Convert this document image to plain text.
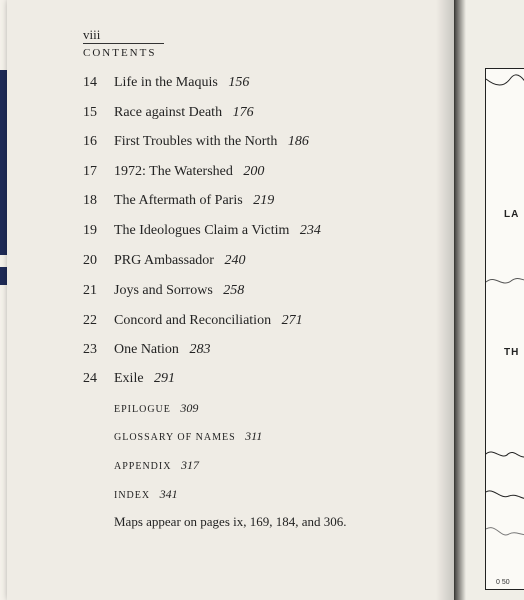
viii
CONTENTS
14	Life in the Maquis 156
15	Race against Death 176
16	First Troubles with the North 186
17	1972: The Watershed 200
18	The Aftermath of Paris 219
19	The Ideologues Claim a Victim 234
20	PRG Ambassador 240
21	Joys and Sorrows 258
22	Concord and Reconciliation 271
23	One Nation 283
24	Exile 291
EPILOGUE 309
GLOSSARY OF NAMES 311
APPENDIX 317
INDEX 341
Maps appear on pages ix, 169, 184, and 306.
LA
TH
0 50
